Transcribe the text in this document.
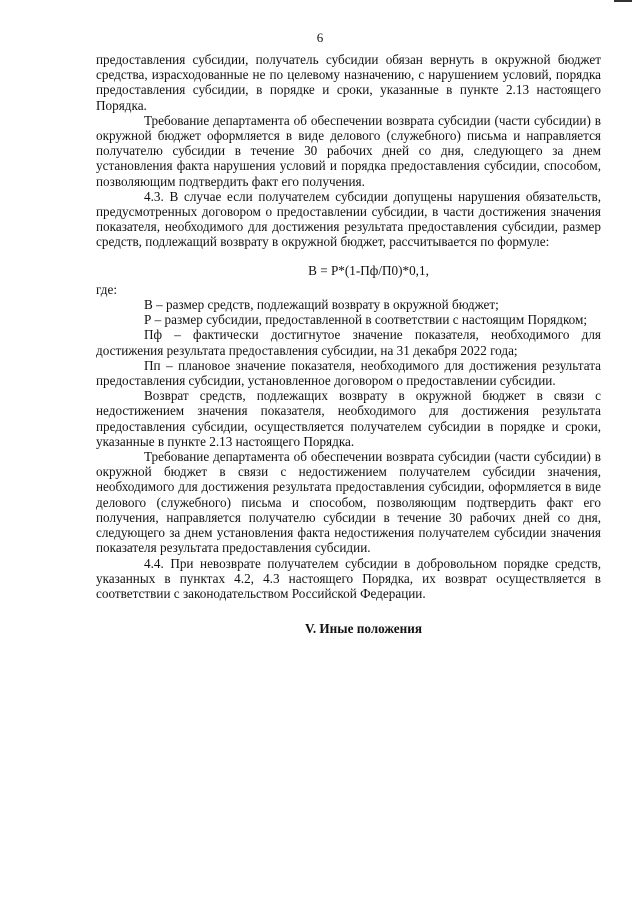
6

предоставления субсидии, получатель субсидии обязан вернуть в окружной бюджет средства, израсходованные не по целевому назначению, с нарушением условий, порядка предоставления субсидии, в порядке и сроки, указанные в пункте 2.13 настоящего Порядка.

Требование департамента об обеспечении возврата субсидии (части субсидии) в окружной бюджет оформляется в виде делового (служебного) письма и направляется получателю субсидии в течение 30 рабочих дней со дня, следующего за днем установления факта нарушения условий и порядка предоставления субсидии, способом, позволяющим подтвердить факт его получения.

4.3. В случае если получателем субсидии допущены нарушения обязательств, предусмотренных договором о предоставлении субсидии, в части достижения значения показателя, необходимого для достижения результата предоставления субсидии, размер средств, подлежащий возврату в окружной бюджет, рассчитывается по формуле:

В = Р*(1-Пф/П0)*0,1,

где:

В – размер средств, подлежащий возврату в окружной бюджет;

Р – размер субсидии, предоставленной в соответствии с настоящим Порядком;

Пф – фактически достигнутое значение показателя, необходимого для достижения результата предоставления субсидии, на 31 декабря 2022 года;

Пп – плановое значение показателя, необходимого для достижения результата предоставления субсидии, установленное договором о предоставлении субсидии.

Возврат средств, подлежащих возврату в окружной бюджет в связи с недостижением значения показателя, необходимого для достижения результата предоставления субсидии, осуществляется получателем субсидии в порядке и сроки, указанные в пункте 2.13 настоящего Порядка.

Требование департамента об обеспечении возврата субсидии (части субсидии) в окружной бюджет в связи с недостижением получателем субсидии значения, необходимого для достижения результата предоставления субсидии, оформляется в виде делового (служебного) письма и способом, позволяющим подтвердить факт его получения, направляется получателю субсидии в течение 30 рабочих дней со дня, следующего за днем установления факта недостижения получателем субсидии значения показателя результата предоставления субсидии.

4.4. При невозврате получателем субсидии в добровольном порядке средств, указанных в пунктах 4.2, 4.3 настоящего Порядка, их возврат осуществляется в соответствии с законодательством Российской Федерации.

V. Иные положения
